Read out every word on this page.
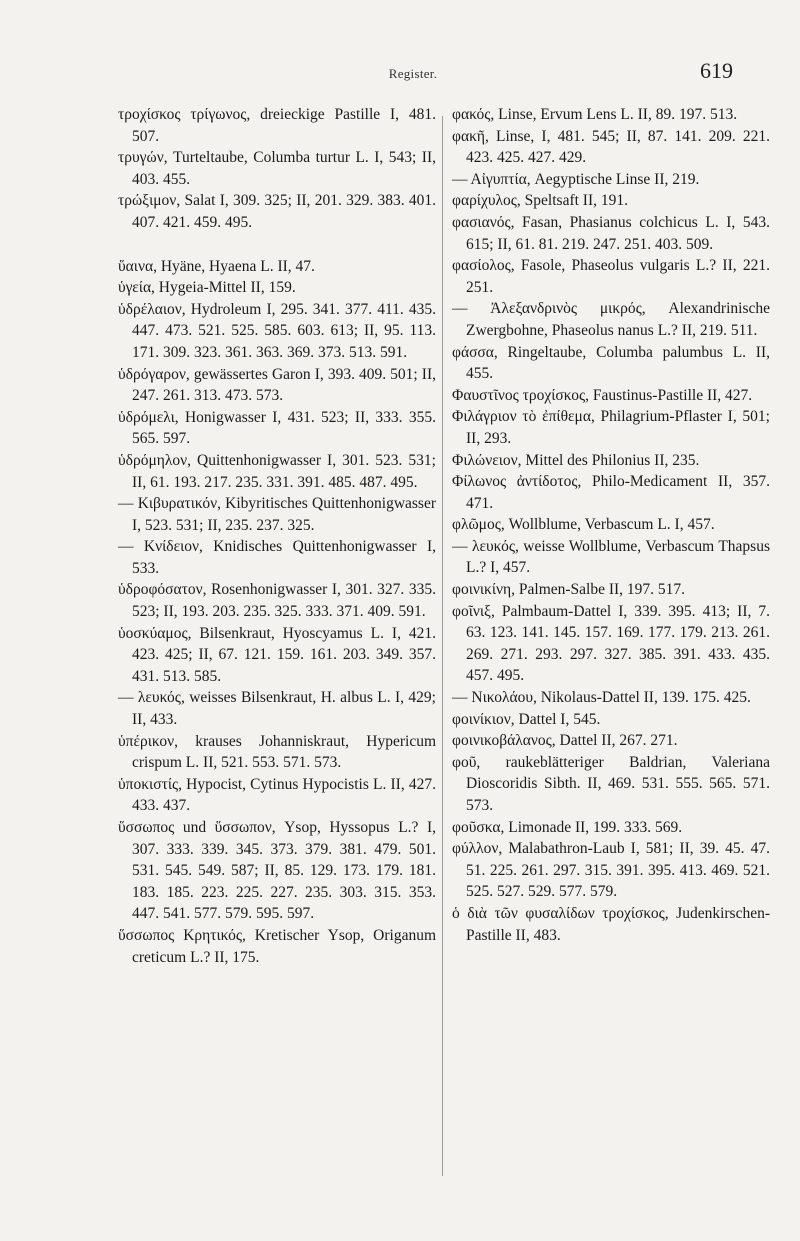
Register.	619
τροχίσκος τρίγωνος, dreieckige Pastille I, 481. 507.
τρυγών, Turteltaube, Columba turtur L. I, 543; II, 403. 455.
τρώξιμον, Salat I, 309. 325; II, 201. 329. 383. 401. 407. 421. 459. 495.
ὕαινα, Hyäne, Hyaena L. II, 47.
ὑγεία, Hygeia-Mittel II, 159.
ὑδρέλαιον, Hydroleum I, 295. 341. 377. 411. 435. 447. 473. 521. 525. 585. 603. 613; II, 95. 113. 171. 309. 323. 361. 363. 369. 373. 513. 591.
ὑδρόγαρον, gewässertes Garon I, 393. 409. 501; II, 247. 261. 313. 473. 573.
ὑδρόμελι, Honigwasser I, 431. 523; II, 333. 355. 565. 597.
ὑδρόμηλον, Quittenhonigwasser I, 301. 523. 531; II, 61. 193. 217. 235. 331. 391. 485. 487. 495.
— Κιβυρατικόν, Kibyritisches Quittenhonigwasser I, 523. 531; II, 235. 237. 325.
— Κνίδειον, Knidisches Quittenhonigwasser I, 533.
ὑδροφόσατον, Rosenhonigwasser I, 301. 327. 335. 523; II, 193. 203. 235. 325. 333. 371. 409. 591.
ὑοσκύαμος, Bilsenkraut, Hyoscyamus L. I, 421. 423. 425; II, 67. 121. 159. 161. 203. 349. 357. 431. 513. 585.
— λευκός, weisses Bilsenkraut, H. albus L. I, 429; II, 433.
ὑπέρικον, krauses Johanniskraut, Hypericum crispum L. II, 521. 553. 571. 573.
ὑποκιστίς, Hypocist, Cytinus Hypocistis L. II, 427. 433. 437.
ὕσσωπος und ὕσσωπον, Ysop, Hyssopus L.? I, 307. 333. 339. 345. 373. 379. 381. 479. 501. 531. 545. 549. 587; II, 85. 129. 173. 179. 181. 183. 185. 223. 225. 227. 235. 303. 315. 353. 447. 541. 577. 579. 595. 597.
ὕσσωπος Κρητικός, Kretischer Ysop, Origanum creticum L.? II, 175.
φακός, Linse, Ervum Lens L. II, 89. 197. 513.
φακῆ, Linse, I, 481. 545; II, 87. 141. 209. 221. 423. 425. 427. 429.
— Αἰγυπτία, Aegyptische Linse II, 219.
φαρίχυλος, Speltsaft II, 191.
φασιανός, Fasan, Phasianus colchicus L. I, 543. 615; II, 61. 81. 219. 247. 251. 403. 509.
φασίολος, Fasole, Phaseolus vulgaris L.? II, 221. 251.
— Ἀλεξανδρινὸς μικρός, Alexandrinische Zwergbohne, Phaseolus nanus L.? II, 219. 511.
φάσσα, Ringeltaube, Columba palumbus L. II, 455.
Φαυστῖνος τροχίσκος, Faustinus-Pastille II, 427.
Φιλάγριον τὸ ἐπίθεμα, Philagrium-Pflaster I, 501; II, 293.
Φιλώνειον, Mittel des Philonius II, 235.
Φίλωνος ἀντίδοτος, Philo-Medicament II, 357. 471.
φλῶμος, Wollblume, Verbascum L. I, 457.
— λευκός, weisse Wollblume, Verbascum Thapsus L.? I, 457.
φοινικίνη, Palmen-Salbe II, 197. 517.
φοῖνιξ, Palmbaum-Dattel I, 339. 395. 413; II, 7. 63. 123. 141. 145. 157. 169. 177. 179. 213. 261. 269. 271. 293. 297. 327. 385. 391. 433. 435. 457. 495.
— Νικολάου, Nikolaus-Dattel II, 139. 175. 425.
φοινίκιον, Dattel I, 545.
φοινικοβάλανος, Dattel II, 267. 271.
φοῦ, raukeblätteriger Baldrian, Valeriana Dioscoridis Sibth. II, 469. 531. 555. 565. 571. 573.
φοῦσκα, Limonade II, 199. 333. 569.
φύλλον, Malabathron-Laub I, 581; II, 39. 45. 47. 51. 225. 261. 297. 315. 391. 395. 413. 469. 521. 525. 527. 529. 577. 579.
ὁ διὰ τῶν φυσαλίδων τροχίσκος, Judenkirschen-Pastille II, 483.
